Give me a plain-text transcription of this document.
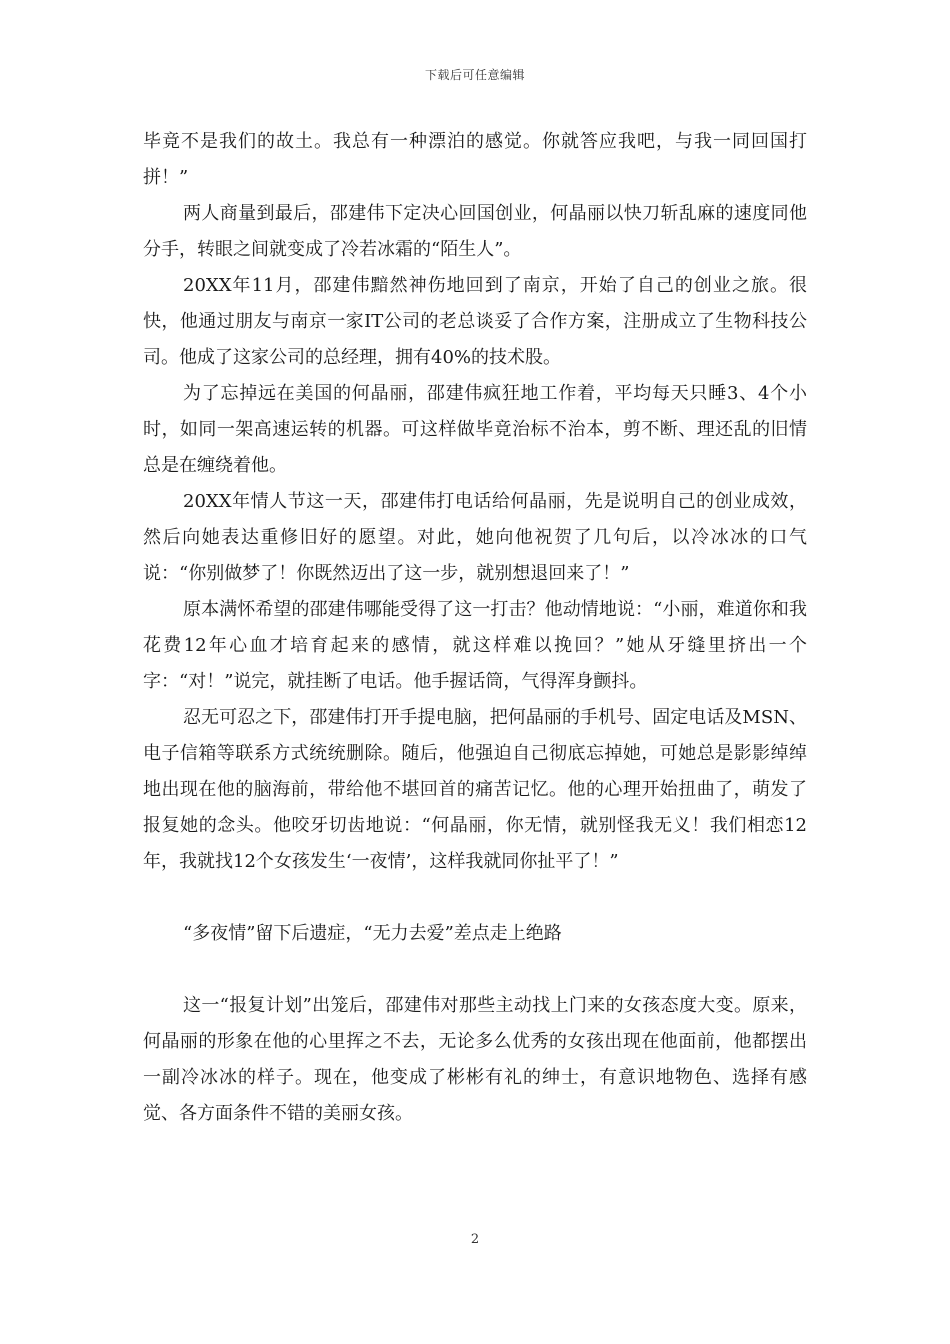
下载后可任意编辑

毕竟不是我们的故土。我总有一种漂泊的感觉。你就答应我吧，与我一同回国打拼！”

两人商量到最后，邵建伟下定决心回国创业，何晶丽以快刀斩乱麻的速度同他分手，转眼之间就变成了冷若冰霜的“陌生人”。

20XX年11月，邵建伟黯然神伤地回到了南京，开始了自己的创业之旅。很快，他通过朋友与南京一家IT公司的老总谈妥了合作方案，注册成立了生物科技公司。他成了这家公司的总经理，拥有40%的技术股。

为了忘掉远在美国的何晶丽，邵建伟疯狂地工作着，平均每天只睡3、4个小时，如同一架高速运转的机器。可这样做毕竟治标不治本，剪不断、理还乱的旧情总是在缠绕着他。

20XX年情人节这一天，邵建伟打电话给何晶丽，先是说明自己的创业成效，然后向她表达重修旧好的愿望。对此，她向他祝贺了几句后，以冷冰冰的口气说：“你别做梦了！你既然迈出了这一步，就别想退回来了！”

原本满怀希望的邵建伟哪能受得了这一打击？他动情地说：“小丽，难道你和我花费12年心血才培育起来的感情，就这样难以挽回？”她从牙缝里挤出一个字：“对！”说完，就挂断了电话。他手握话筒，气得浑身颤抖。

忍无可忍之下，邵建伟打开手提电脑，把何晶丽的手机号、固定电话及MSN、电子信箱等联系方式统统删除。随后，他强迫自己彻底忘掉她，可她总是影影绰绰地出现在他的脑海前，带给他不堪回首的痛苦记忆。他的心理开始扭曲了，萌发了报复她的念头。他咬牙切齿地说：“何晶丽，你无情，就别怪我无义！我们相恋12年，我就找12个女孩发生‘一夜情’，这样我就同你扯平了！”

“多夜情”留下后遗症，“无力去爱”差点走上绝路

这一“报复计划”出笼后，邵建伟对那些主动找上门来的女孩态度大变。原来，何晶丽的形象在他的心里挥之不去，无论多么优秀的女孩出现在他面前，他都摆出一副冷冰冰的样子。现在，他变成了彬彬有礼的绅士，有意识地物色、选择有感觉、各方面条件不错的美丽女孩。

2
